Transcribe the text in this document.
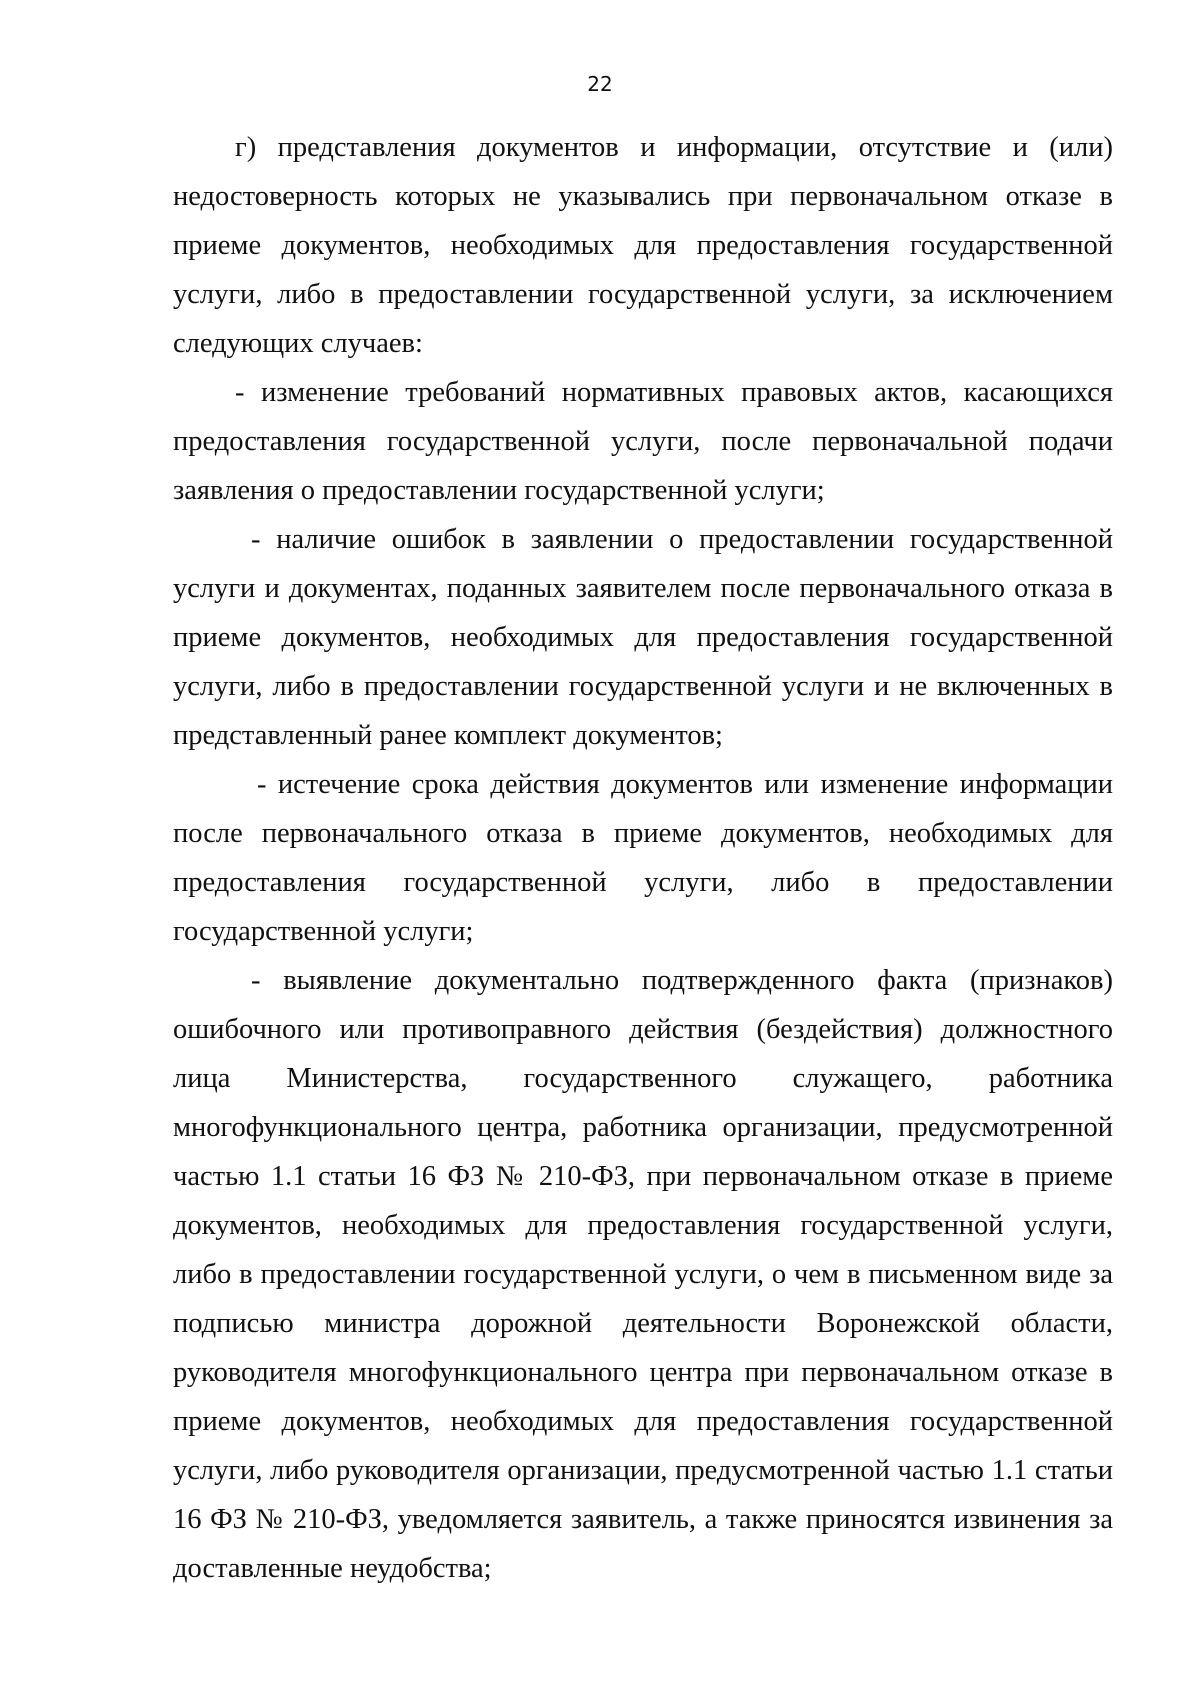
22

г) представления документов и информации, отсутствие и (или) недостоверность которых не указывались при первоначальном отказе в приеме документов, необходимых для предоставления государственной услуги, либо в предоставлении государственной услуги, за исключением следующих случаев:

- изменение требований нормативных правовых актов, касающихся предоставления государственной услуги, после первоначальной подачи заявления о предоставлении государственной услуги;

- наличие ошибок в заявлении о предоставлении государственной услуги и документах, поданных заявителем после первоначального отказа в приеме документов, необходимых для предоставления государственной услуги, либо в предоставлении государственной услуги и не включенных в представленный ранее комплект документов;

- истечение срока действия документов или изменение информации после первоначального отказа в приеме документов, необходимых для предоставления государственной услуги, либо в предоставлении государственной услуги;

- выявление документально подтвержденного факта (признаков) ошибочного или противоправного действия (бездействия) должностного лица Министерства, государственного служащего, работника многофункционального центра, работника организации, предусмотренной частью 1.1 статьи 16 ФЗ № 210-ФЗ, при первоначальном отказе в приеме документов, необходимых для предоставления государственной услуги, либо в предоставлении государственной услуги, о чем в письменном виде за подписью министра дорожной деятельности Воронежской области, руководителя многофункционального центра при первоначальном отказе в приеме документов, необходимых для предоставления государственной услуги, либо руководителя организации, предусмотренной частью 1.1 статьи 16 ФЗ № 210-ФЗ, уведомляется заявитель, а также приносятся извинения за доставленные неудобства;
